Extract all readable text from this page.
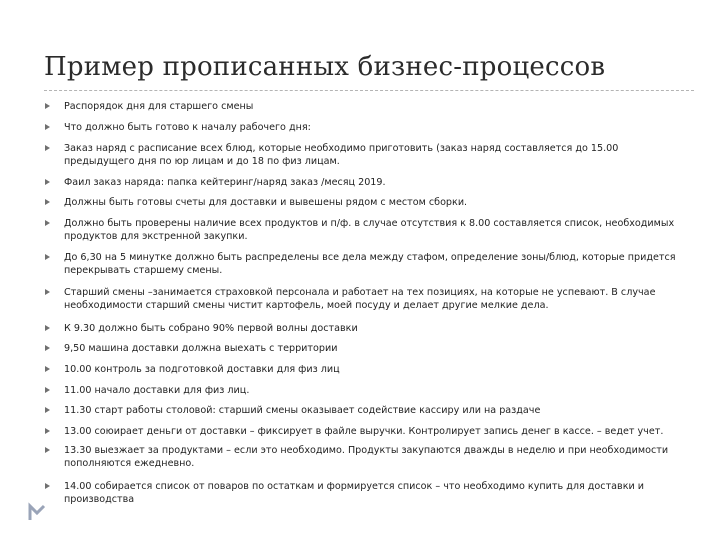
Пример прописанных бизнес-процессов
Распорядок дня для старшего смены
Что должно быть готово к началу рабочего дня:
Заказ наряд с расписание всех блюд, которые необходимо приготовить (заказ наряд составляется до 15.00 предыдущего дня по юр лицам и до 18 по физ лицам.
Фаил заказ наряда: папка кейтеринг/наряд заказ /месяц 2019.
Должны быть готовы счеты для доставки и вывешены рядом с местом сборки.
Должно быть проверены наличие всех продуктов и п/ф. в случае отсутствия к 8.00 составляется список, необходимых продуктов для экстренной закупки.
До 6,30 на 5 минутке должно быть распределены все дела между стафом, определение зоны/блюд, которые придется перекрывать старшему смены.
Старший смены –занимается страховкой персонала и работает на тех позициях, на которые не успевают. В случае необходимости старший смены чистит картофель, моей посуду и делает другие мелкие дела.
К 9.30 должно быть собрано 90% первой волны доставки
9,50 машина доставки должна выехать с территории
10.00 контроль за подготовкой доставки для физ лиц
11.00 начало доставки для физ лиц.
11.30 старт работы столовой: старший смены оказывает содействие кассиру или на раздаче
13.00 союирает деньги от доставки – фиксирует в файле выручки. Контролирует запись денег в кассе. – ведет учет.
13.30 выезжает за продуктами – если это необходимо. Продукты закупаются дважды в неделю и при необходимости пополняются ежедневно.
14.00 собирается список от поваров по остаткам и формируется список – что необходимо купить для доставки и производства
